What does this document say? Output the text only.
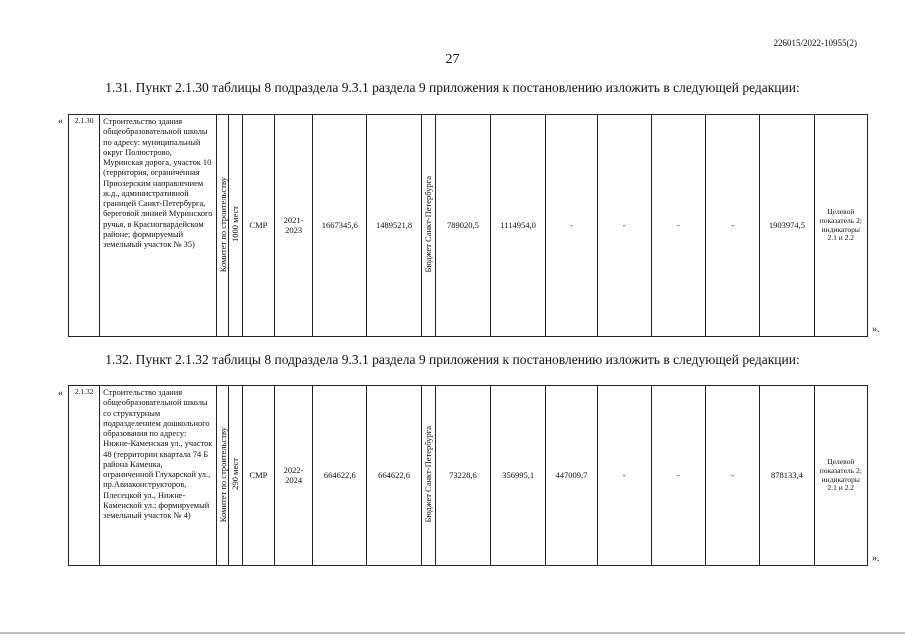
226015/2022-10955(2)
27
1.31. Пункт 2.1.30 таблицы 8 подраздела 9.3.1 раздела 9 приложения к постановлению изложить в следующей редакции:
« 2.1.30	Строительство здания общеобразовательной школы по адресу: муниципальный округ Полюстрово, Муринская дорога, участок 10 (территория, ограниченная Приозерским направлением ж.д., административной границей Санкт-Петербурга, береговой линией Муринского ручья, в Красногвардейском районе; формируемый земельный участок № 35)	Комитет по строительству	1000 мест	СМР	2021-2023	1667345,6	1489521,8	Бюджет Санкт-Петербурга	789020,5	1114954,0	-	-	-	-	1903974,5	Целевой показатель 2; индикаторы 2.1 и 2.2
».
1.32. Пункт 2.1.32 таблицы 8 подраздела 9.3.1 раздела 9 приложения к постановлению изложить в следующей редакции:
« 2.1.32	Строительство здания общеобразовательной школы со структурным подразделением дошкольного образования по адресу: Нижне-Каменская ул., участок 48 (территории квартала 74 Б района Каменка, ограниченной Глухарской ул., пр.Авиаконструкторов, Плесецкой ул., Нижне-Каменской ул.; формируемый земельный участок № 4)	Комитет по строительству	290 мест	СМР	2022-2024	664622,6	664622,6	Бюджет Санкт-Петербурга	73228,6	356995,1	447009,7	-	-	-	878133,4	Целевой показатель 2; индикаторы 2.1 и 2.2
».
